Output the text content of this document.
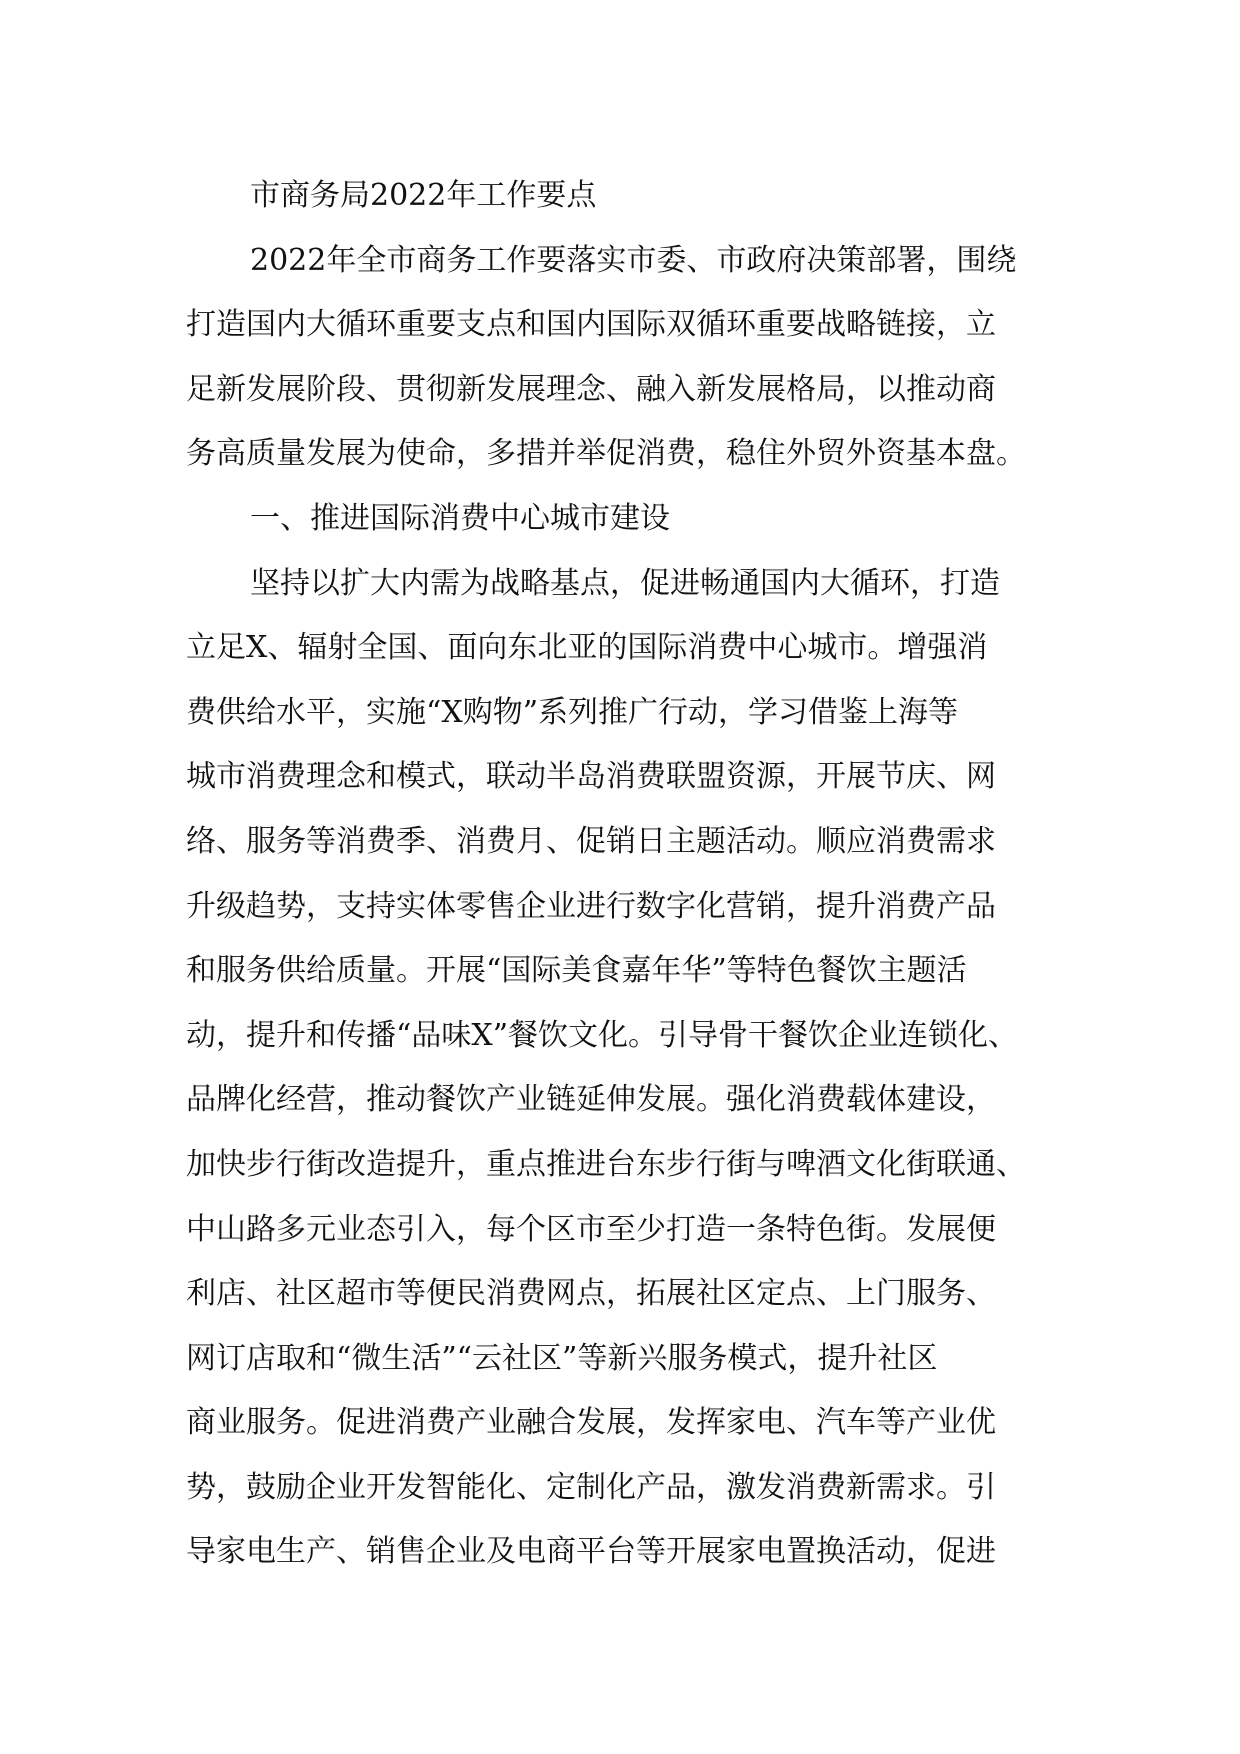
市商务局2022年工作要点
2022年全市商务工作要落实市委、市政府决策部署，围绕
打造国内大循环重要支点和国内国际双循环重要战略链接，立
足新发展阶段、贯彻新发展理念、融入新发展格局，以推动商
务高质量发展为使命，多措并举促消费，稳住外贸外资基本盘。
一、推进国际消费中心城市建设
坚持以扩大内需为战略基点，促进畅通国内大循环，打造
立足X、辐射全国、面向东北亚的国际消费中心城市。增强消
费供给水平，实施“X购物”系列推广行动，学习借鉴上海等
城市消费理念和模式，联动半岛消费联盟资源，开展节庆、网
络、服务等消费季、消费月、促销日主题活动。顺应消费需求
升级趋势，支持实体零售企业进行数字化营销，提升消费产品
和服务供给质量。开展“国际美食嘉年华”等特色餐饮主题活
动，提升和传播“品味X”餐饮文化。引导骨干餐饮企业连锁化、
品牌化经营，推动餐饮产业链延伸发展。强化消费载体建设，
加快步行街改造提升，重点推进台东步行街与啤酒文化街联通、
中山路多元业态引入，每个区市至少打造一条特色街。发展便
利店、社区超市等便民消费网点，拓展社区定点、上门服务、
网订店取和“微生活”“云社区”等新兴服务模式，提升社区
商业服务。促进消费产业融合发展，发挥家电、汽车等产业优
势，鼓励企业开发智能化、定制化产品，激发消费新需求。引
导家电生产、销售企业及电商平台等开展家电置换活动，促进
